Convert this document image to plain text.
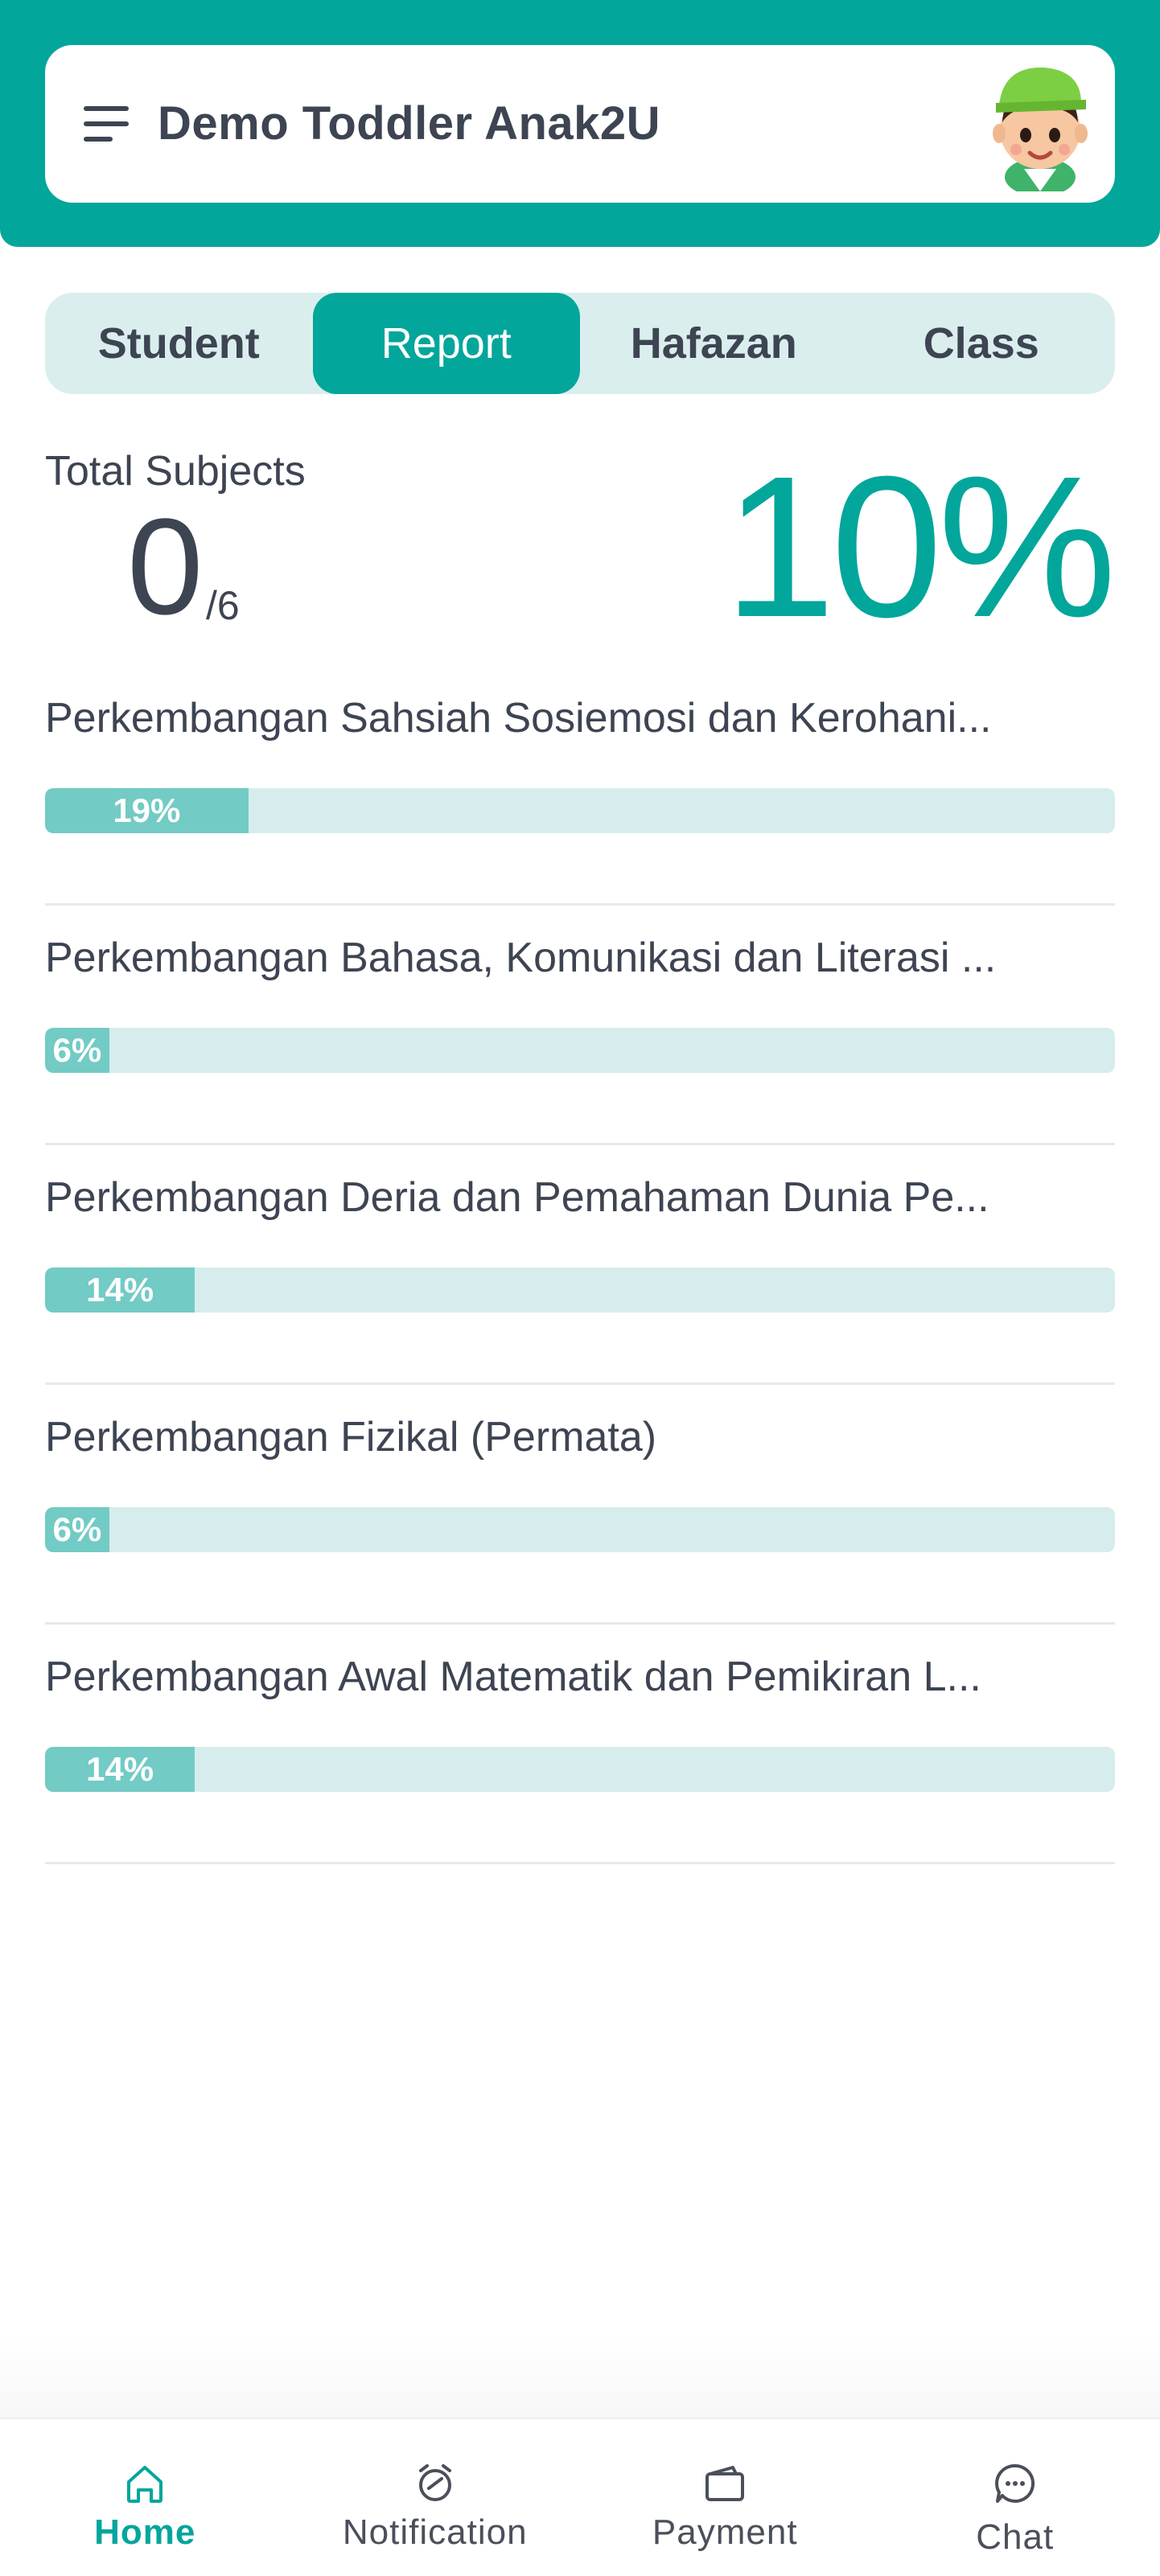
Demo Toddler Anak2U
Student	Report	Hafazan	Class
Total Subjects
0 /6 10%
Perkembangan Sahsiah Sosiemosi dan Kerohani...
19%
Perkembangan Bahasa, Komunikasi dan Literasi ...
6%
Perkembangan Deria dan Pemahaman Dunia Pe...
14%
Perkembangan Fizikal (Permata)
6%
Perkembangan Awal Matematik dan Pemikiran L...
14%
Home	Notification	Payment	Chat
